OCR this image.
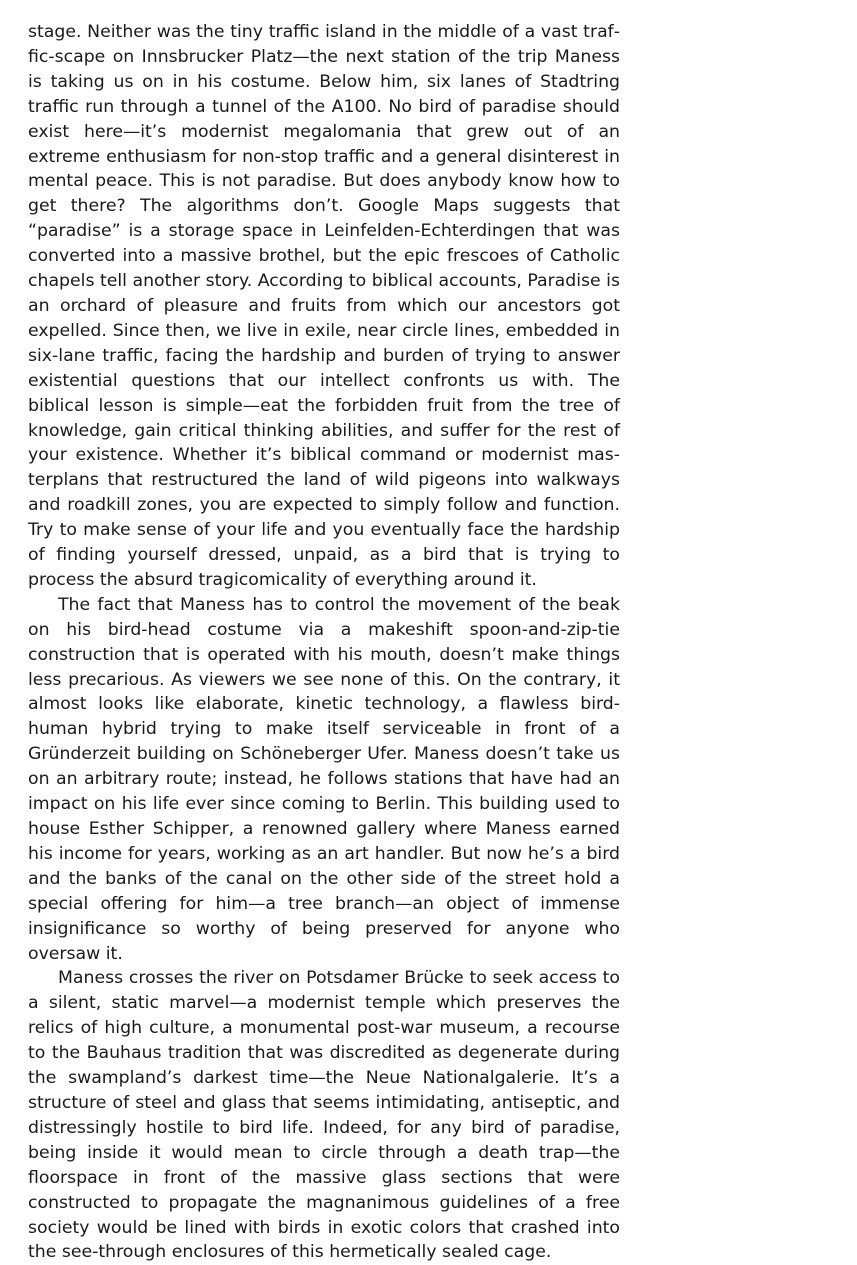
stage. Neither was the tiny traffic island in the middle of a vast traffic-scape on Innsbrucker Platz—the next station of the trip Maness is taking us on in his costume. Below him, six lanes of Stadtring traffic run through a tunnel of the A100. No bird of paradise should exist here—it’s modernist megalomania that grew out of an extreme enthusiasm for non-stop traffic and a general disinterest in mental peace. This is not paradise. But does anybody know how to get there? The algorithms don’t. Google Maps suggests that “paradise” is a storage space in Leinfelden-Echterdingen that was converted into a massive brothel, but the epic frescoes of Catholic chapels tell another story. According to biblical accounts, Paradise is an orchard of pleasure and fruits from which our ancestors got expelled. Since then, we live in exile, near circle lines, embedded in six-lane traffic, facing the hardship and burden of trying to answer existential questions that our intellect confronts us with. The biblical lesson is simple—eat the forbidden fruit from the tree of knowledge, gain critical thinking abilities, and suffer for the rest of your existence. Whether it’s biblical command or modernist masterplans that restructured the land of wild pigeons into walkways and roadkill zones, you are expected to simply follow and function. Try to make sense of your life and you eventually face the hardship of finding yourself dressed, unpaid, as a bird that is trying to process the absurd tragicomicality of everything around it.

The fact that Maness has to control the movement of the beak on his bird-head costume via a makeshift spoon-and-zip-tie construction that is operated with his mouth, doesn’t make things less precarious. As viewers we see none of this. On the contrary, it almost looks like elaborate, kinetic technology, a flawless bird-human hybrid trying to make itself serviceable in front of a Gründerzeit building on Schöneberger Ufer. Maness doesn’t take us on an arbitrary route; instead, he follows stations that have had an impact on his life ever since coming to Berlin. This building used to house Esther Schipper, a renowned gallery where Maness earned his income for years, working as an art handler. But now he’s a bird and the banks of the canal on the other side of the street hold a special offering for him—a tree branch—an object of immense insignificance so worthy of being preserved for anyone who oversaw it.

Maness crosses the river on Potsdamer Brücke to seek access to a silent, static marvel—a modernist temple which preserves the relics of high culture, a monumental post-war museum, a recourse to the Bauhaus tradition that was discredited as degenerate during the swampland’s darkest time—the Neue Nationalgalerie. It’s a structure of steel and glass that seems intimidating, antiseptic, and distressingly hostile to bird life. Indeed, for any bird of paradise, being inside it would mean to circle through a death trap—the floorspace in front of the massive glass sections that were constructed to propagate the magnanimous guidelines of a free society would be lined with birds in exotic colors that crashed into the see-through enclosures of this hermetically sealed cage.
